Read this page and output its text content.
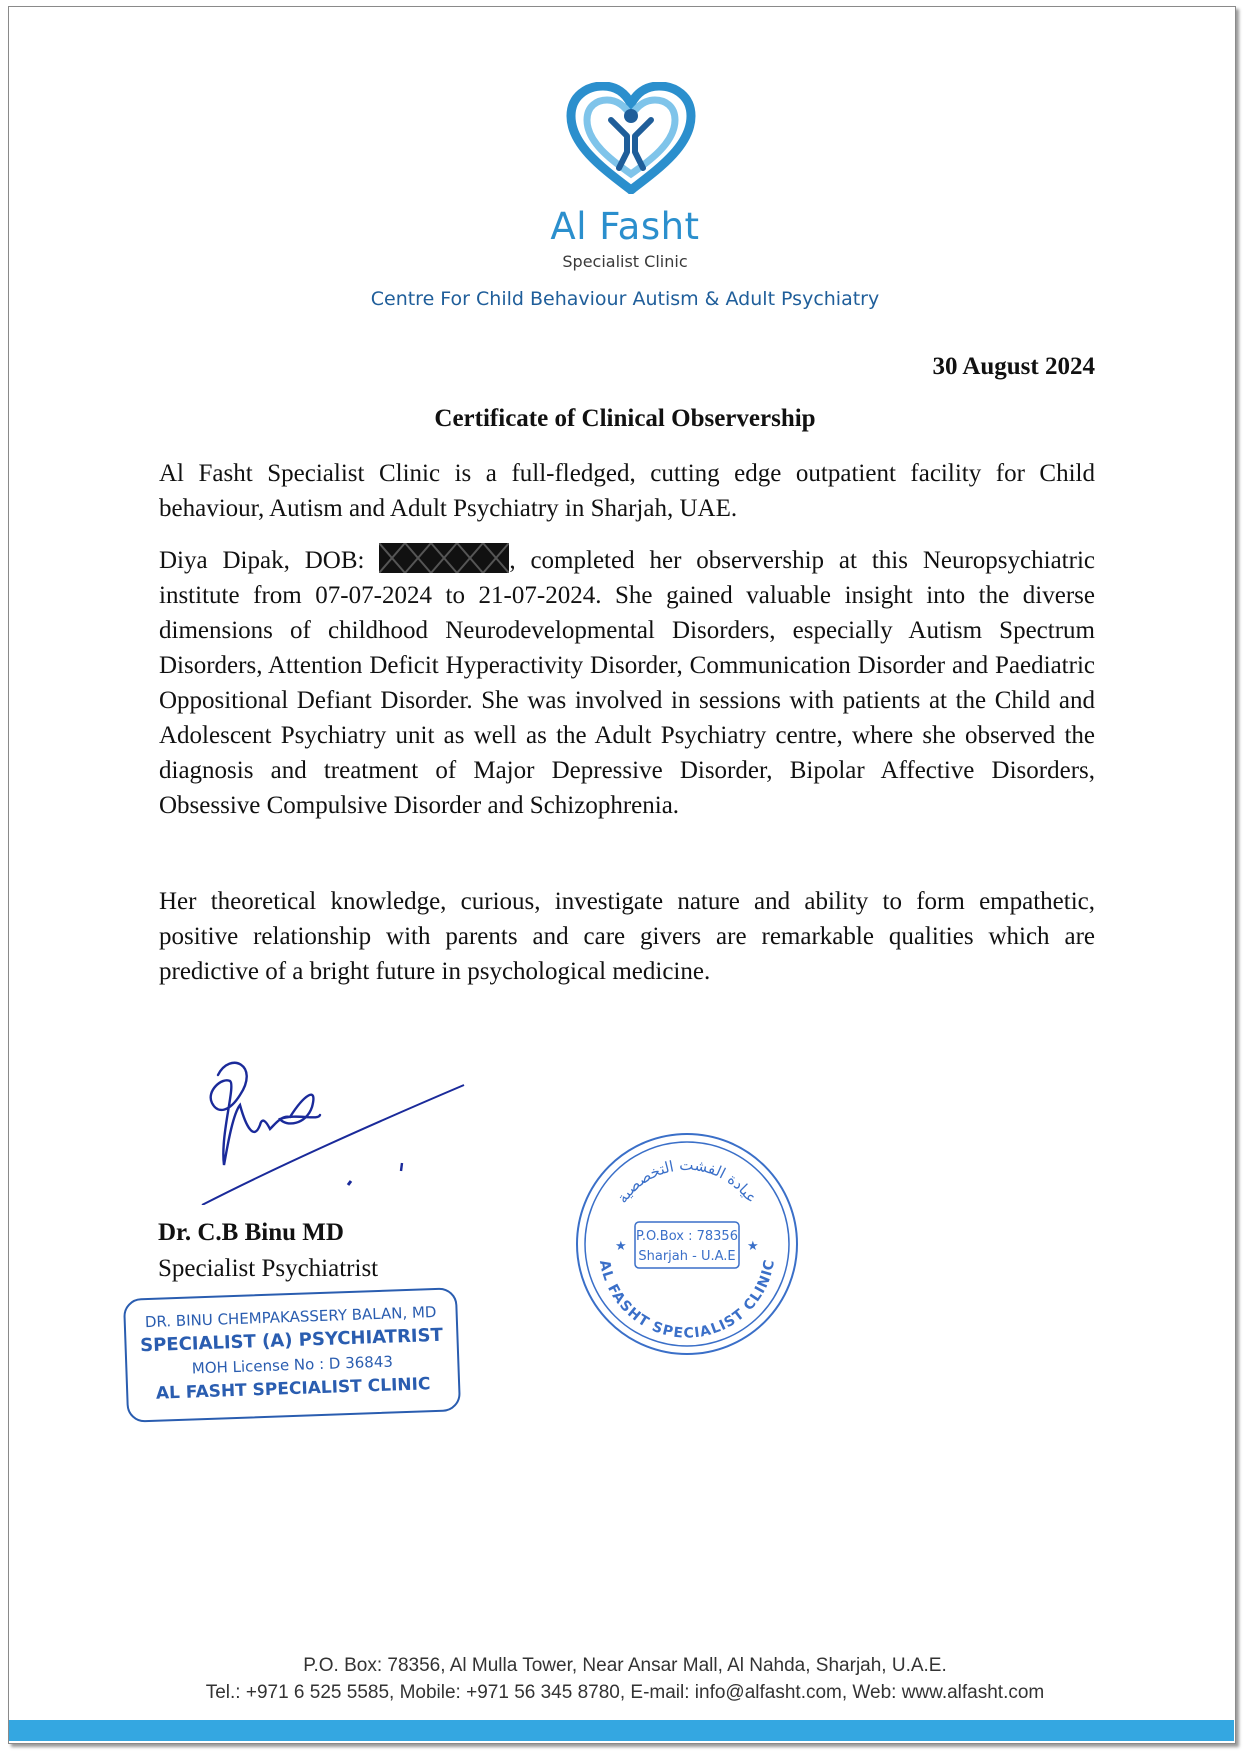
Al Fasht
Specialist Clinic
Centre For Child Behaviour Autism & Adult Psychiatry
30 August 2024
Certificate of Clinical Observership

Al Fasht Specialist Clinic is a full-fledged, cutting edge outpatient facility for Child behaviour, Autism and Adult Psychiatry in Sharjah, UAE.

Diya Dipak, DOB:	, completed her observership at this Neuropsychiatric institute from 07-07-2024 to 21-07-2024. She gained valuable insight into the diverse dimensions of childhood Neurodevelopmental Disorders, especially Autism Spectrum Disorders, Attention Deficit Hyperactivity Disorder, Communication Disorder and Paediatric Oppositional Defiant Disorder. She was involved in sessions with patients at the Child and Adolescent Psychiatry unit as well as the Adult Psychiatry centre, where she observed the diagnosis and treatment of Major Depressive Disorder, Bipolar Affective Disorders, Obsessive Compulsive Disorder and Schizophrenia.

Her theoretical knowledge, curious, investigate nature and ability to form empathetic, positive relationship with parents and care givers are remarkable qualities which are predictive of a bright future in psychological medicine.

Dr. C.B Binu MD
Specialist Psychiatrist
DR. BINU CHEMPAKASSERY BALAN, MD
SPECIALIST (A) PSYCHIATRIST
MOH License No : D 36843
AL FASHT SPECIALIST CLINIC
P.O.Box : 78356
Sharjah - U.A.E
عيادة الفشت التخصصية
AL FASHT SPECIALIST CLINIC
★	★
P.O. Box: 78356, Al Mulla Tower, Near Ansar Mall, Al Nahda, Sharjah, U.A.E.
Tel.: +971 6 525 5585, Mobile: +971 56 345 8780, E-mail: info@alfasht.com, Web: www.alfasht.com
